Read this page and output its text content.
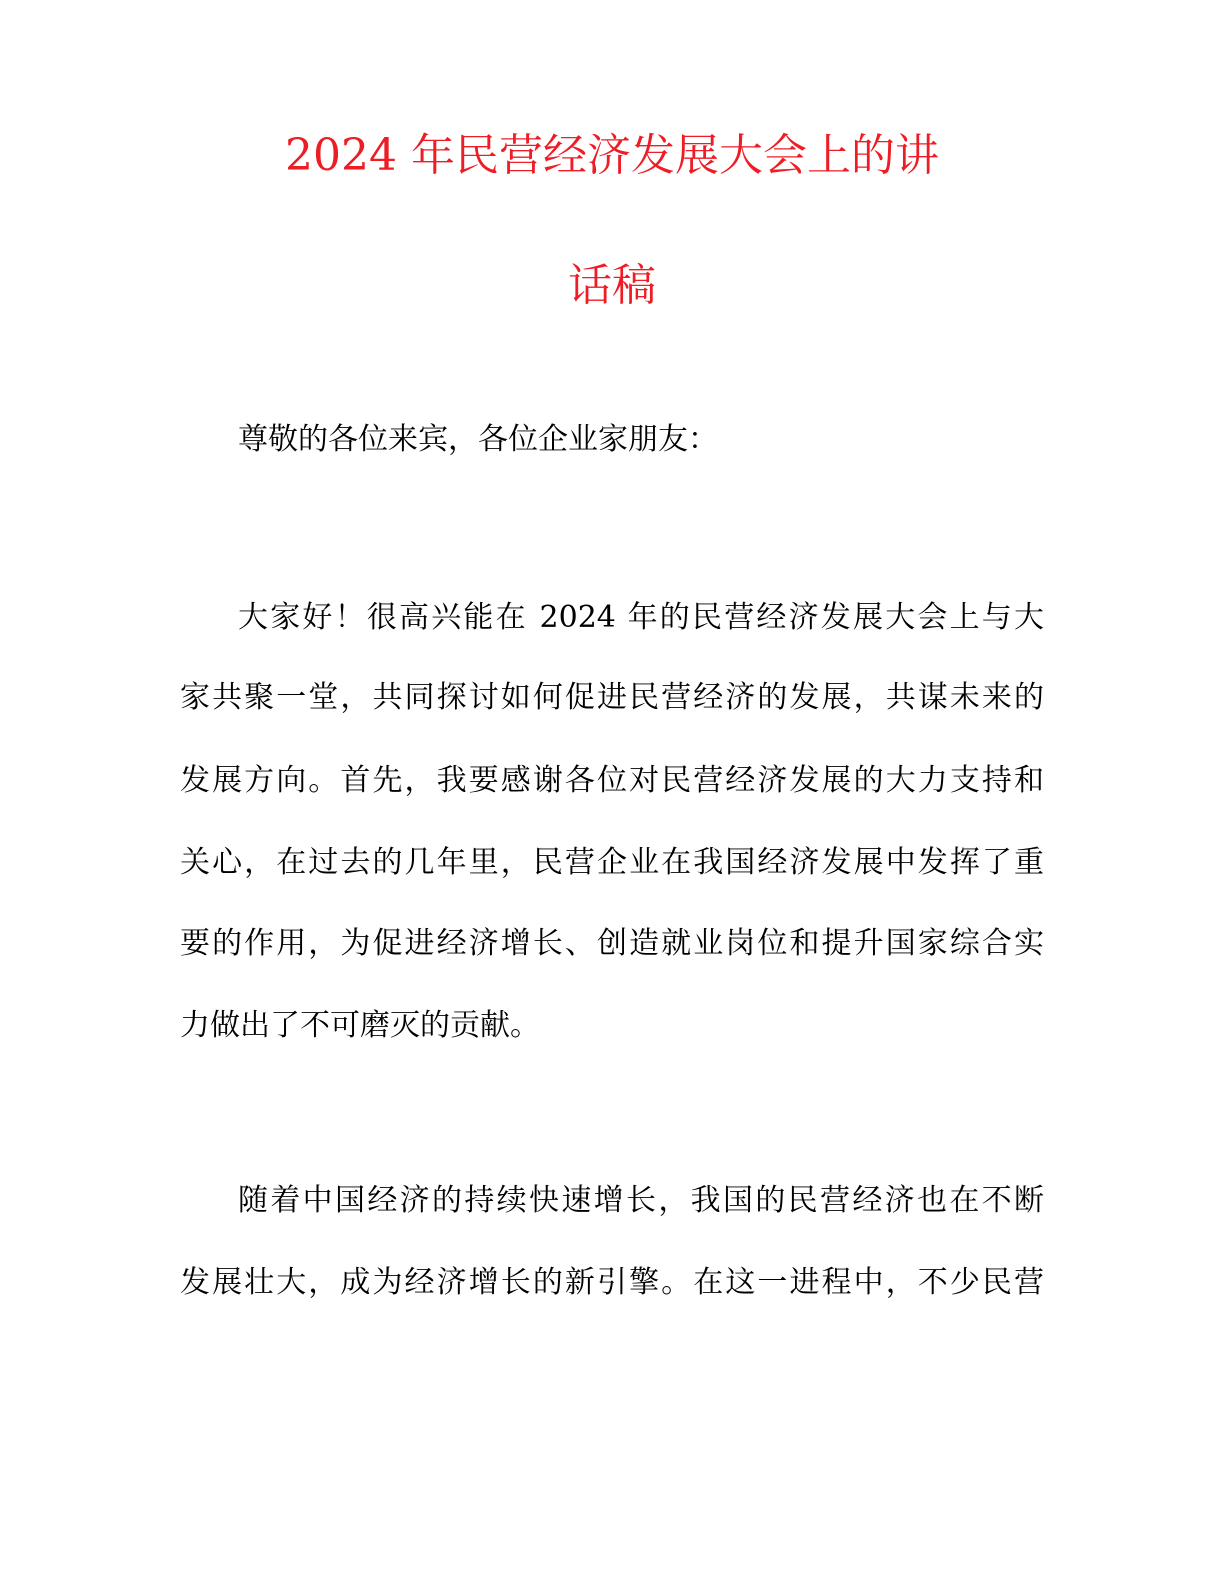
2024 年民营经济发展大会上的讲
话稿
尊敬的各位来宾，各位企业家朋友：
大家好！很高兴能在 2024 年的民营经济发展大会上与大
家共聚一堂，共同探讨如何促进民营经济的发展，共谋未来的
发展方向。首先，我要感谢各位对民营经济发展的大力支持和
关心，在过去的几年里，民营企业在我国经济发展中发挥了重
要的作用，为促进经济增长、创造就业岗位和提升国家综合实
力做出了不可磨灭的贡献。
随着中国经济的持续快速增长，我国的民营经济也在不断
发展壮大，成为经济增长的新引擎。在这一进程中，不少民营
